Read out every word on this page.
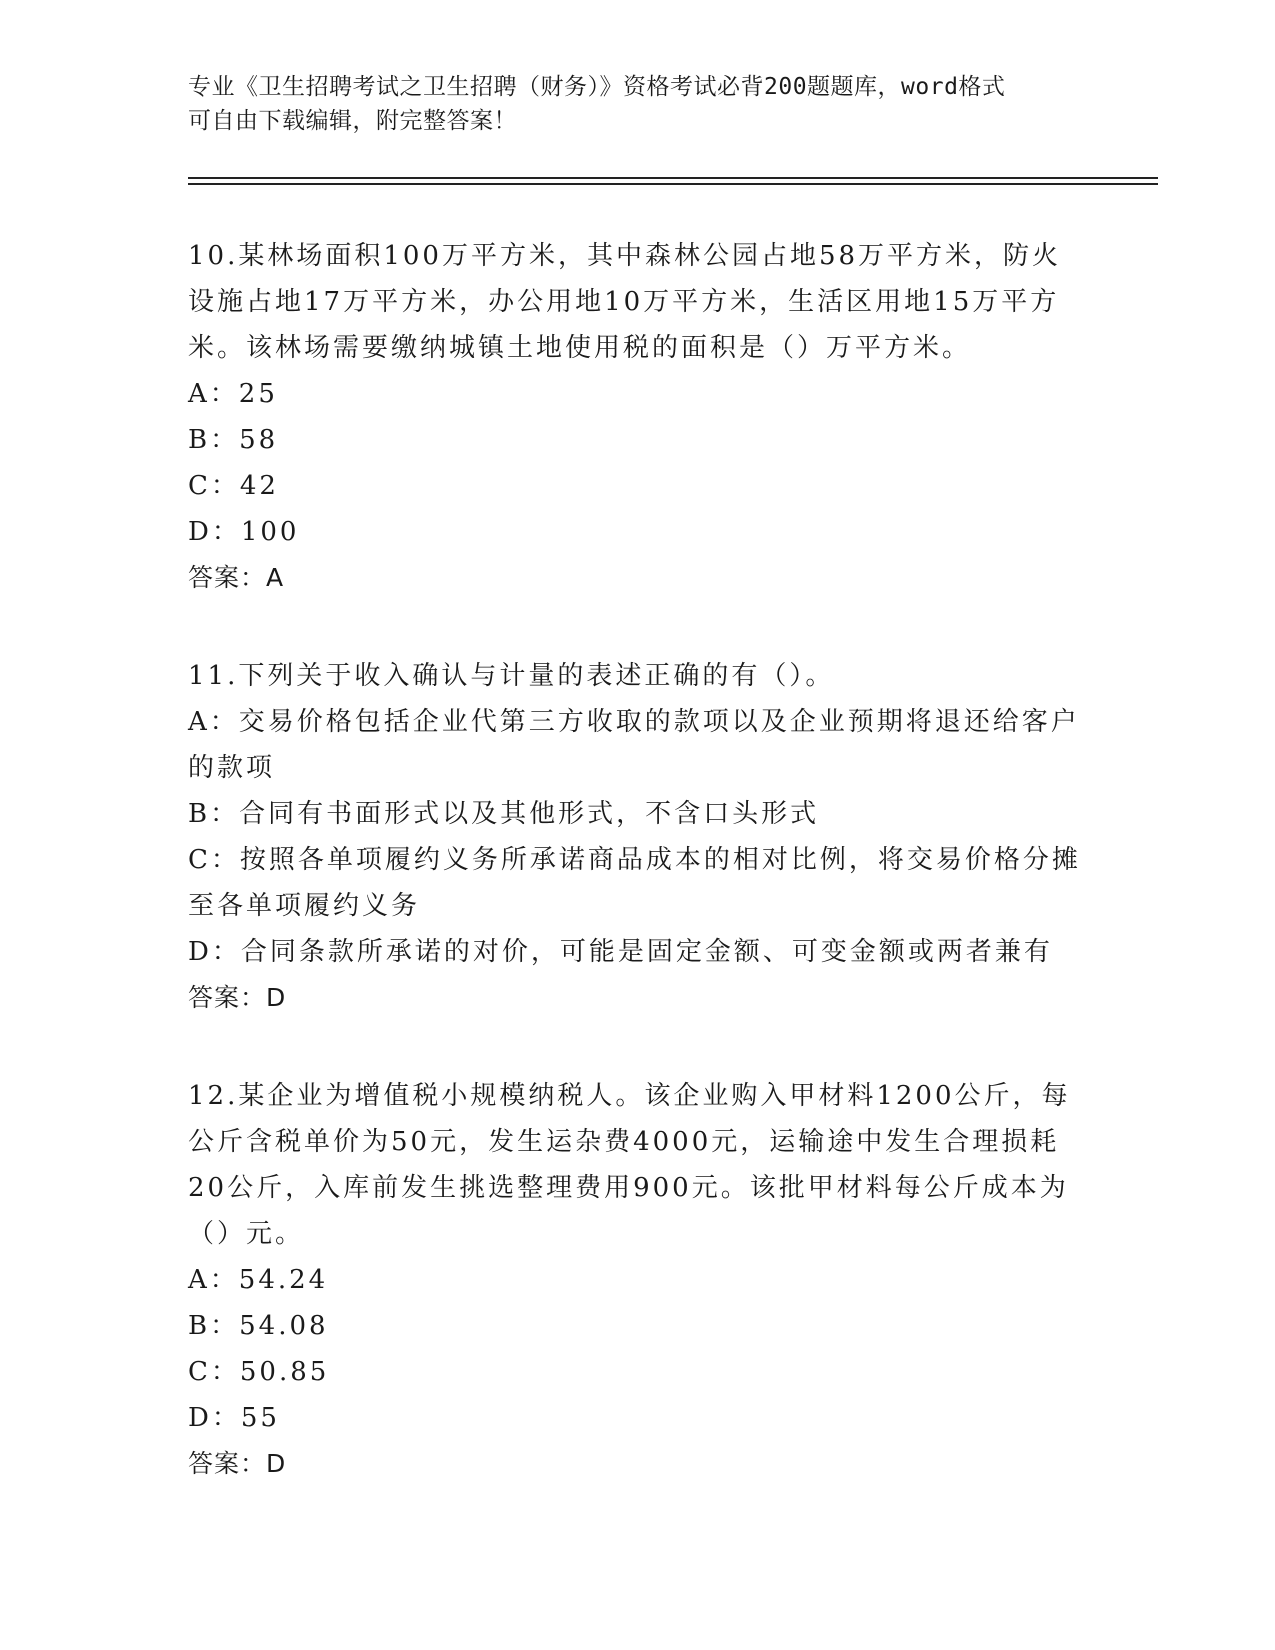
专业《卫生招聘考试之卫生招聘（财务）》资格考试必背200题题库，word格式

可自由下载编辑，附完整答案！

10.某林场面积100万平方米，其中森林公园占地58万平方米，防火设施占地17万平方米，办公用地10万平方米，生活区用地15万平方米。该林场需要缴纳城镇土地使用税的面积是（）万平方米。

A：25

B：58

C：42

D：100

答案：A

11.下列关于收入确认与计量的表述正确的有（）。

A：交易价格包括企业代第三方收取的款项以及企业预期将退还给客户的款项

B：合同有书面形式以及其他形式，不含口头形式

C：按照各单项履约义务所承诺商品成本的相对比例，将交易价格分摊至各单项履约义务

D：合同条款所承诺的对价，可能是固定金额、可变金额或两者兼有

答案：D

12.某企业为增值税小规模纳税人。该企业购入甲材料1200公斤，每公斤含税单价为50元，发生运杂费4000元，运输途中发生合理损耗20公斤，入库前发生挑选整理费用900元。该批甲材料每公斤成本为（）元。

A：54.24

B：54.08

C：50.85

D：55

答案：D
